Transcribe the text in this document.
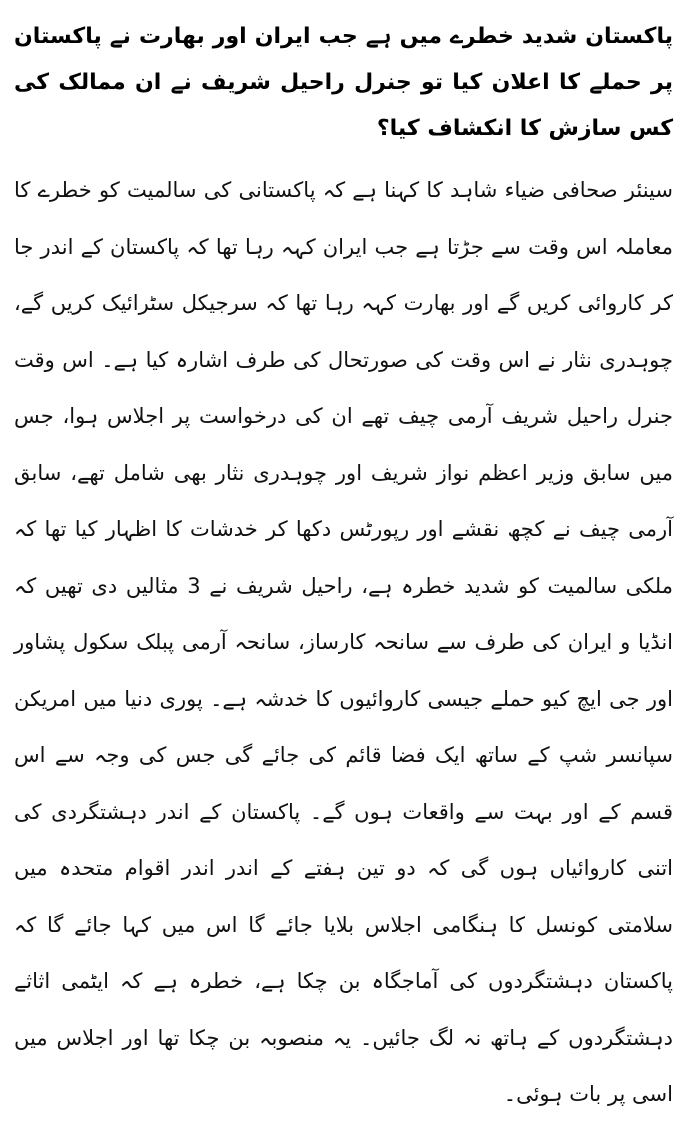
پاکستان شدید خطرے میں ہے جب ایران اور بھارت نے پاکستان پر حملے کا اعلان کیا تو جنرل راحیل شریف نے ان ممالک کی کس سازش کا انکشاف کیا؟

سینئر صحافی ضیاء شاہد کا کہنا ہے کہ پاکستانی کی سالمیت کو خطرے کا معاملہ اس وقت سے جڑتا ہے جب ایران کہہ رہا تھا کہ پاکستان کے اندر جا کر کاروائی کریں گے اور بھارت کہہ رہا تھا کہ سرجیکل سٹرائیک کریں گے، چوہدری نثار نے اس وقت کی صورتحال کی طرف اشارہ کیا ہے۔ اس وقت جنرل راحیل شریف آرمی چیف تھے ان کی درخواست پر اجلاس ہوا، جس میں سابق وزیر اعظم نواز شریف اور چوہدری نثار بھی شامل تھے، سابق آرمی چیف نے کچھ نقشے اور رپورٹس دکھا کر خدشات کا اظہار کیا تھا کہ ملکی سالمیت کو شدید خطرہ ہے، راحیل شریف نے 3 مثالیں دی تھیں کہ انڈیا و ایران کی طرف سے سانحہ کارساز، سانحہ آرمی پبلک سکول پشاور اور جی ایچ کیو حملے جیسی کاروائیوں کا خدشہ ہے۔ پوری دنیا میں امریکن سپانسر شپ کے ساتھ ایک فضا قائم کی جائے گی جس کی وجہ سے اس قسم کے اور بہت سے واقعات ہوں گے۔ پاکستان کے اندر دہشتگردی کی اتنی کاروائیاں ہوں گی کہ دو تین ہفتے کے اندر اندر اقوام متحدہ میں سلامتی کونسل کا ہنگامی اجلاس بلایا جائے گا اس میں کہا جائے گا کہ پاکستان دہشتگردوں کی آماجگاہ بن چکا ہے، خطرہ ہے کہ ایٹمی اثاثے دہشتگردوں کے ہاتھ نہ لگ جائیں۔ یہ منصوبہ بن چکا تھا اور اجلاس میں اسی پر بات ہوئی۔
